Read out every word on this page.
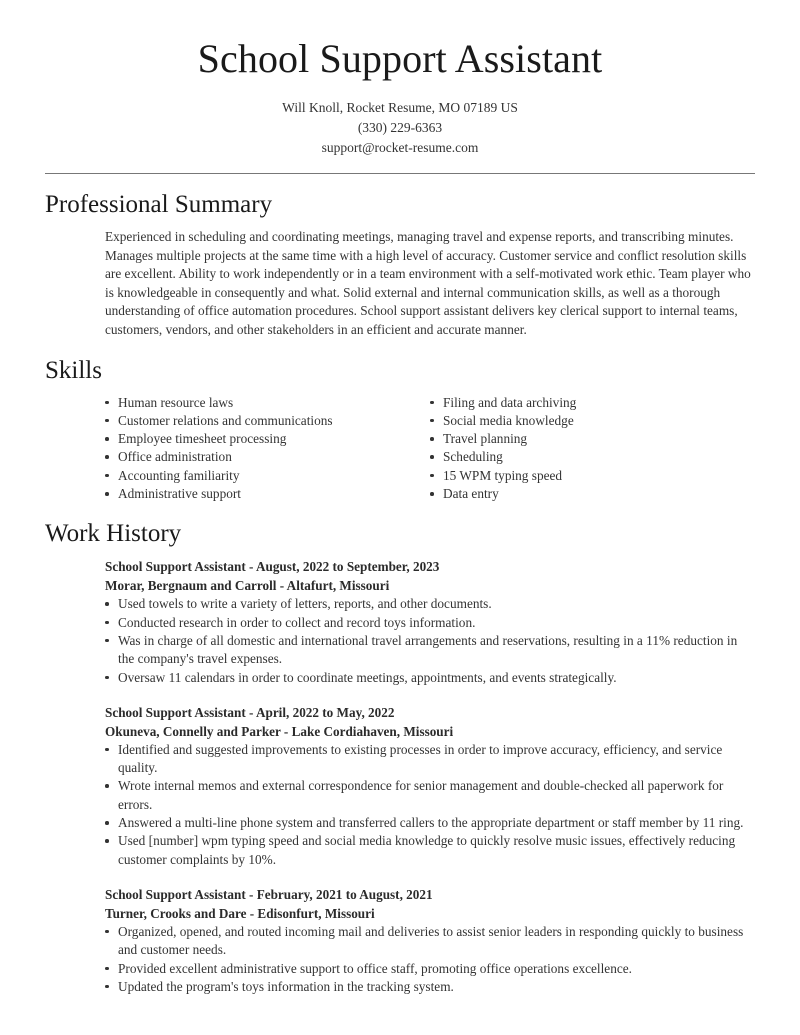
School Support Assistant
Will Knoll, Rocket Resume, MO 07189 US
(330) 229-6363
support@rocket-resume.com
Professional Summary

Experienced in scheduling and coordinating meetings, managing travel and expense reports, and transcribing minutes. Manages multiple projects at the same time with a high level of accuracy. Customer service and conflict resolution skills are excellent. Ability to work independently or in a team environment with a self-motivated work ethic. Team player who is knowledgeable in consequently and what. Solid external and internal communication skills, as well as a thorough understanding of office automation procedures. School support assistant delivers key clerical support to internal teams, customers, vendors, and other stakeholders in an efficient and accurate manner.

Skills
Human resource laws
Customer relations and communications
Employee timesheet processing
Office administration
Accounting familiarity
Administrative support
Filing and data archiving
Social media knowledge
Travel planning
Scheduling
15 WPM typing speed
Data entry
Work History
School Support Assistant - August, 2022 to September, 2023
Morar, Bergnaum and Carroll - Altafurt, Missouri
Used towels to write a variety of letters, reports, and other documents.
Conducted research in order to collect and record toys information.
Was in charge of all domestic and international travel arrangements and reservations, resulting in a 11% reduction in the company's travel expenses.
Oversaw 11 calendars in order to coordinate meetings, appointments, and events strategically.
School Support Assistant - April, 2022 to May, 2022
Okuneva, Connelly and Parker - Lake Cordiahaven, Missouri
Identified and suggested improvements to existing processes in order to improve accuracy, efficiency, and service quality.
Wrote internal memos and external correspondence for senior management and double-checked all paperwork for errors.
Answered a multi-line phone system and transferred callers to the appropriate department or staff member by 11 ring.
Used [number] wpm typing speed and social media knowledge to quickly resolve music issues, effectively reducing customer complaints by 10%.
School Support Assistant - February, 2021 to August, 2021
Turner, Crooks and Dare - Edisonfurt, Missouri
Organized, opened, and routed incoming mail and deliveries to assist senior leaders in responding quickly to business and customer needs.
Provided excellent administrative support to office staff, promoting office operations excellence.
Updated the program's toys information in the tracking system.
